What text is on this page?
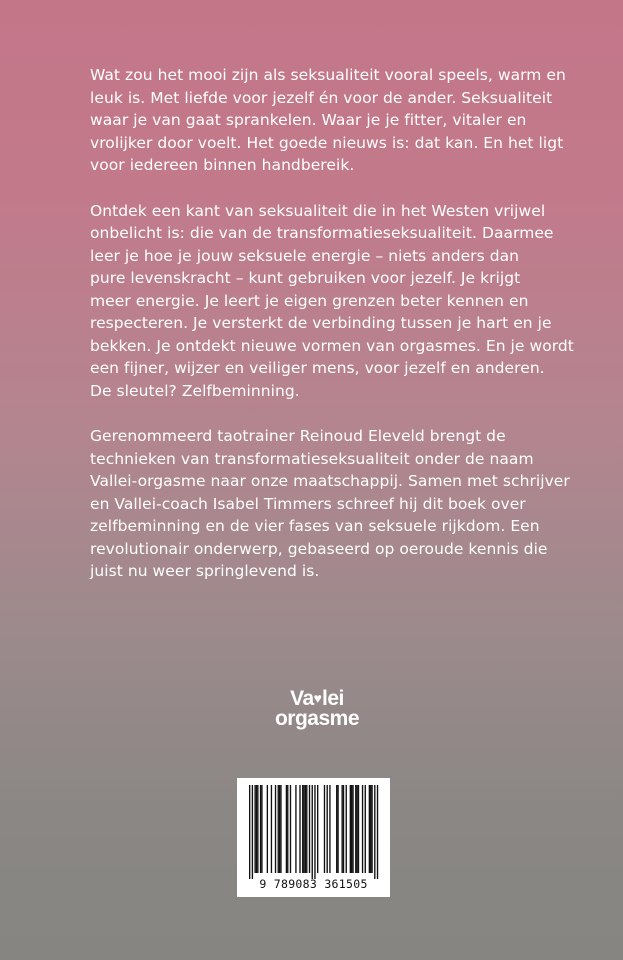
Wat zou het mooi zijn als seksualiteit vooral speels, warm en
leuk is. Met liefde voor jezelf én voor de ander. Seksualiteit
waar je van gaat sprankelen. Waar je je fitter, vitaler en
vrolijker door voelt. Het goede nieuws is: dat kan. En het ligt
voor iedereen binnen handbereik.

Ontdek een kant van seksualiteit die in het Westen vrijwel
onbelicht is: die van de transformatieseksualiteit. Daarmee
leer je hoe je jouw seksuele energie – niets anders dan
pure levenskracht – kunt gebruiken voor jezelf. Je krijgt
meer energie. Je leert je eigen grenzen beter kennen en
respecteren. Je versterkt de verbinding tussen je hart en je
bekken. Je ontdekt nieuwe vormen van orgasmes. En je wordt
een fijner, wijzer en veiliger mens, voor jezelf en anderen.
De sleutel? Zelfbeminning.

Gerenommeerd taotrainer Reinoud Eleveld brengt de
technieken van transformatieseksualiteit onder de naam
Vallei-orgasme naar onze maatschappij. Samen met schrijver
en Vallei-coach Isabel Timmers schreef hij dit boek over
zelfbeminning en de vier fases van seksuele rijkdom. Een
revolutionair onderwerp, gebaseerd op oeroude kennis die
juist nu weer springlevend is.

Va♥lei
orgasme
9 789083 361505
